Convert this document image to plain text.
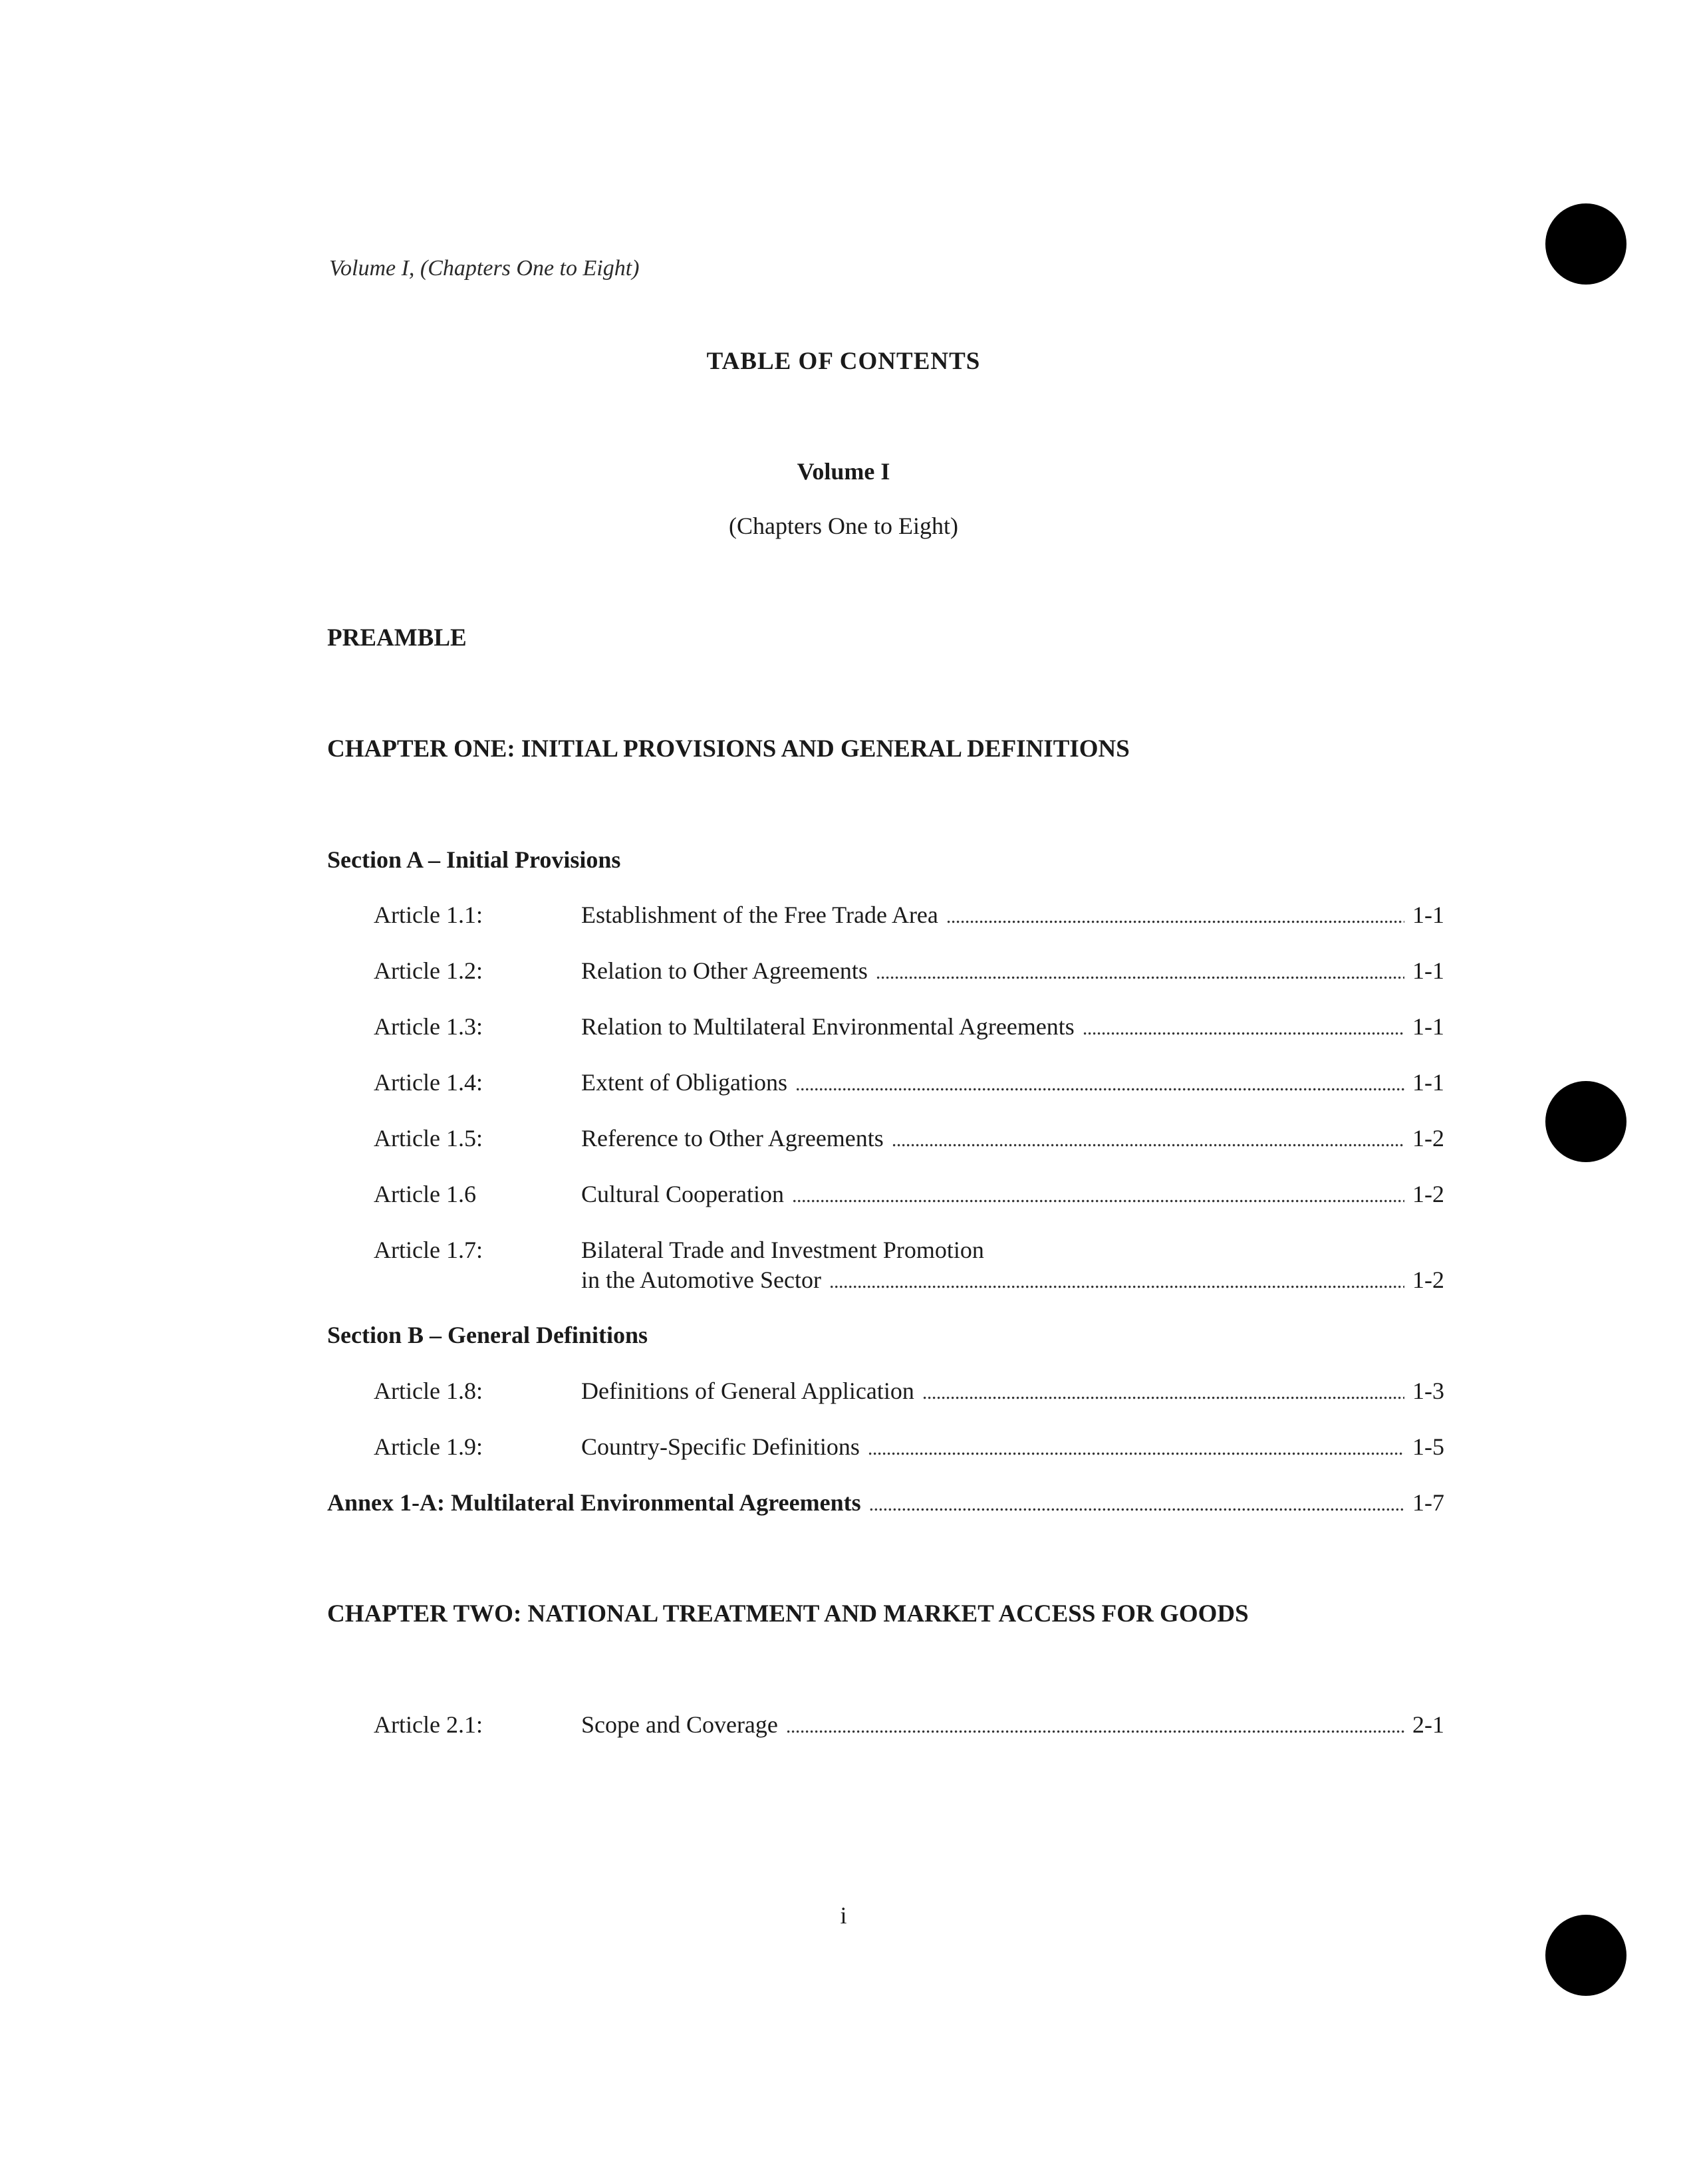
Volume I, (Chapters One to Eight)
TABLE OF CONTENTS
Volume I
(Chapters One to Eight)
PREAMBLE
CHAPTER ONE: INITIAL PROVISIONS AND GENERAL DEFINITIONS
Section A – Initial Provisions
Article 1.1:	Establishment of the Free Trade Area . . .	1-1
Article 1.2:	Relation to Other Agreements . . .	1-1
Article 1.3:	Relation to Multilateral Environmental Agreements . . .	1-1
Article 1.4:	Extent of Obligations . . .	1-1
Article 1.5:	Reference to Other Agreements . . .	1-2
Article 1.6	Cultural Cooperation . . .	1-2
Article 1.7:	Bilateral Trade and Investment Promotion
in the Automotive Sector . . .	1-2
Section B – General Definitions
Article 1.8:	Definitions of General Application . . .	1-3
Article 1.9:	Country-Specific Definitions . . .	1-5
Annex 1-A: Multilateral Environmental Agreements . . .	1-7
CHAPTER TWO: NATIONAL TREATMENT AND MARKET ACCESS FOR GOODS
Article 2.1:	Scope and Coverage . . .	2-1
i
